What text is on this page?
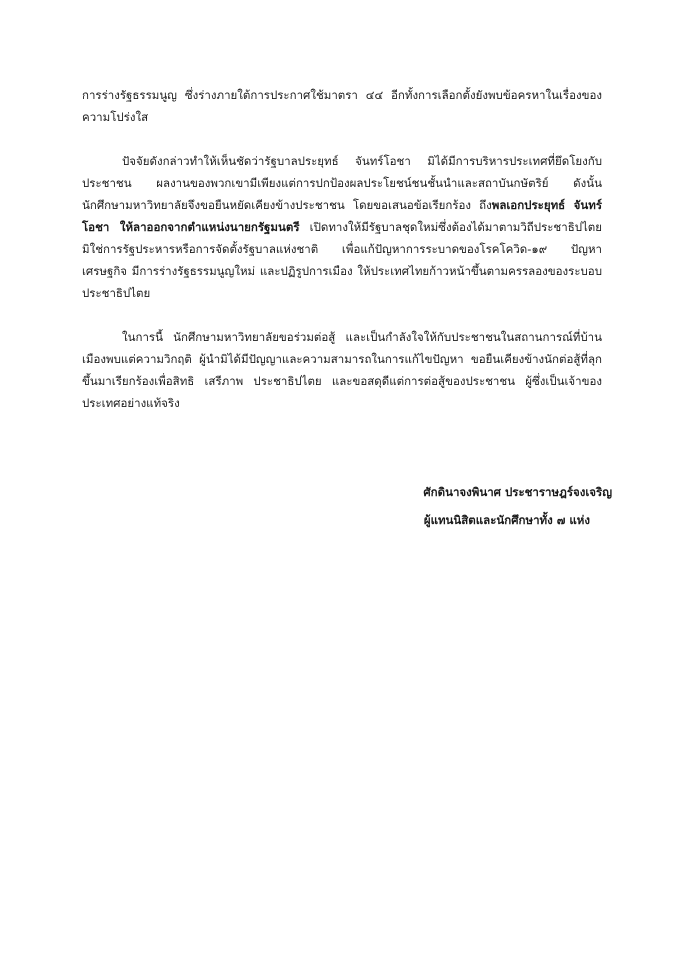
การร่างรัฐธรรมนูญ ซึ่งร่างภายใต้การประกาศใช้มาตรา ๔๔ อีกทั้งการเลือกตั้งยังพบข้อครหาในเรื่องของความโปร่งใส

ปัจจัยดังกล่าวทำให้เห็นชัดว่ารัฐบาลประยุทธ์ จันทร์โอชา มิได้มีการบริหารประเทศที่ยึดโยงกับประชาชน ผลงานของพวกเขามีเพียงแต่การปกป้องผลประโยชน์ชนชั้นนำและสถาบันกษัตริย์ ดังนั้น นักศึกษามหาวิทยาลัยจึงขอยืนหยัดเคียงข้างประชาชน โดยขอเสนอข้อเรียกร้อง ถึงพลเอกประยุทธ์ จันทร์โอชา ให้ลาออกจากตำแหน่งนายกรัฐมนตรี เปิดทางให้มีรัฐบาลชุดใหม่ซึ่งต้องได้มาตามวิถีประชาธิปไตย มิใช่การรัฐประหารหรือการจัดตั้งรัฐบาลแห่งชาติ เพื่อแก้ปัญหาการระบาดของโรคโควิด-๑๙ ปัญหาเศรษฐกิจ มีการร่างรัฐธรรมนูญใหม่ และปฏิรูปการเมือง ให้ประเทศไทยก้าวหน้าขึ้นตามครรลองของระบอบประชาธิปไตย

ในการนี้ นักศึกษามหาวิทยาลัยขอร่วมต่อสู้ และเป็นกำลังใจให้กับประชาชนในสถานการณ์ที่บ้านเมืองพบแต่ความวิกฤติ ผู้นำมิได้มีปัญญาและความสามารถในการแก้ไขปัญหา ขอยืนเคียงข้างนักต่อสู้ที่ลุกขึ้นมาเรียกร้องเพื่อสิทธิ เสรีภาพ ประชาธิปไตย และขอสดุดีแต่การต่อสู้ของประชาชน ผู้ซึ่งเป็นเจ้าของประเทศอย่างแท้จริง

ศักดินาจงพินาศ ประชาราษฎร์จงเจริญ

ผู้แทนนิสิตและนักศึกษาทั้ง ๗ แห่ง
